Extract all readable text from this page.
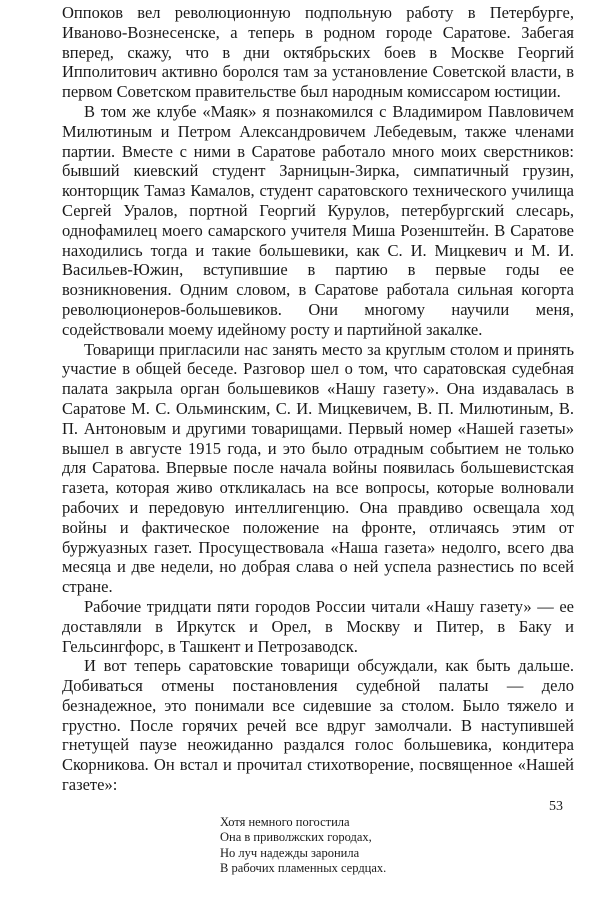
Оппоков вел революционную подпольную работу в Петербурге, Иваново-Вознесенске, а теперь в родном городе Саратове. Забегая вперед, скажу, что в дни октябрьских боев в Москве Георгий Ипполитович активно боролся там за установление Советской власти, в первом Советском правительстве был народным комиссаром юстиции.

В том же клубе «Маяк» я познакомился с Владимиром Павловичем Милютиным и Петром Александровичем Лебедевым, также членами партии. Вместе с ними в Саратове работало много моих сверстников: бывший киевский студент Зарницын-Зирка, симпатичный грузин, конторщик Тамаз Камалов, студент саратовского технического училища Сергей Уралов, портной Георгий Курулов, петербургский слесарь, однофамилец моего самарского учителя Миша Розенштейн. В Саратове находились тогда и такие большевики, как С. И. Мицкевич и М. И. Васильев-Южин, вступившие в партию в первые годы ее возникновения. Одним словом, в Саратове работала сильная когорта революционеров-большевиков. Они многому научили меня, содействовали моему идейному росту и партийной закалке.

Товарищи пригласили нас занять место за круглым столом и принять участие в общей беседе. Разговор шел о том, что саратовская судебная палата закрыла орган большевиков «Нашу газету». Она издавалась в Саратове М. С. Ольминским, С. И. Мицкевичем, В. П. Милютиным, В. П. Антоновым и другими товарищами. Первый номер «Нашей газеты» вышел в августе 1915 года, и это было отрадным событием не только для Саратова. Впервые после начала войны появилась большевистская газета, которая живо откликалась на все вопросы, которые волновали рабочих и передовую интеллигенцию. Она правдиво освещала ход войны и фактическое положение на фронте, отличаясь этим от буржуазных газет. Просуществовала «Наша газета» недолго, всего два месяца и две недели, но добрая слава о ней успела разнестись по всей стране.

Рабочие тридцати пяти городов России читали «Нашу газету» — ее доставляли в Иркутск и Орел, в Москву и Питер, в Баку и Гельсингфорс, в Ташкент и Петрозаводск.

И вот теперь саратовские товарищи обсуждали, как быть дальше. Добиваться отмены постановления судебной палаты — дело безнадежное, это понимали все сидевшие за столом. Было тяжело и грустно. После горячих речей все вдруг замолчали. В наступившей гнетущей паузе неожиданно раздался голос большевика, кондитера Скорникова. Он встал и прочитал стихотворение, посвященное «Нашей газете»:

Хотя немного погостила
Она в приволжских городах,
Но луч надежды заронила
В рабочих пламенных сердцах.
53
